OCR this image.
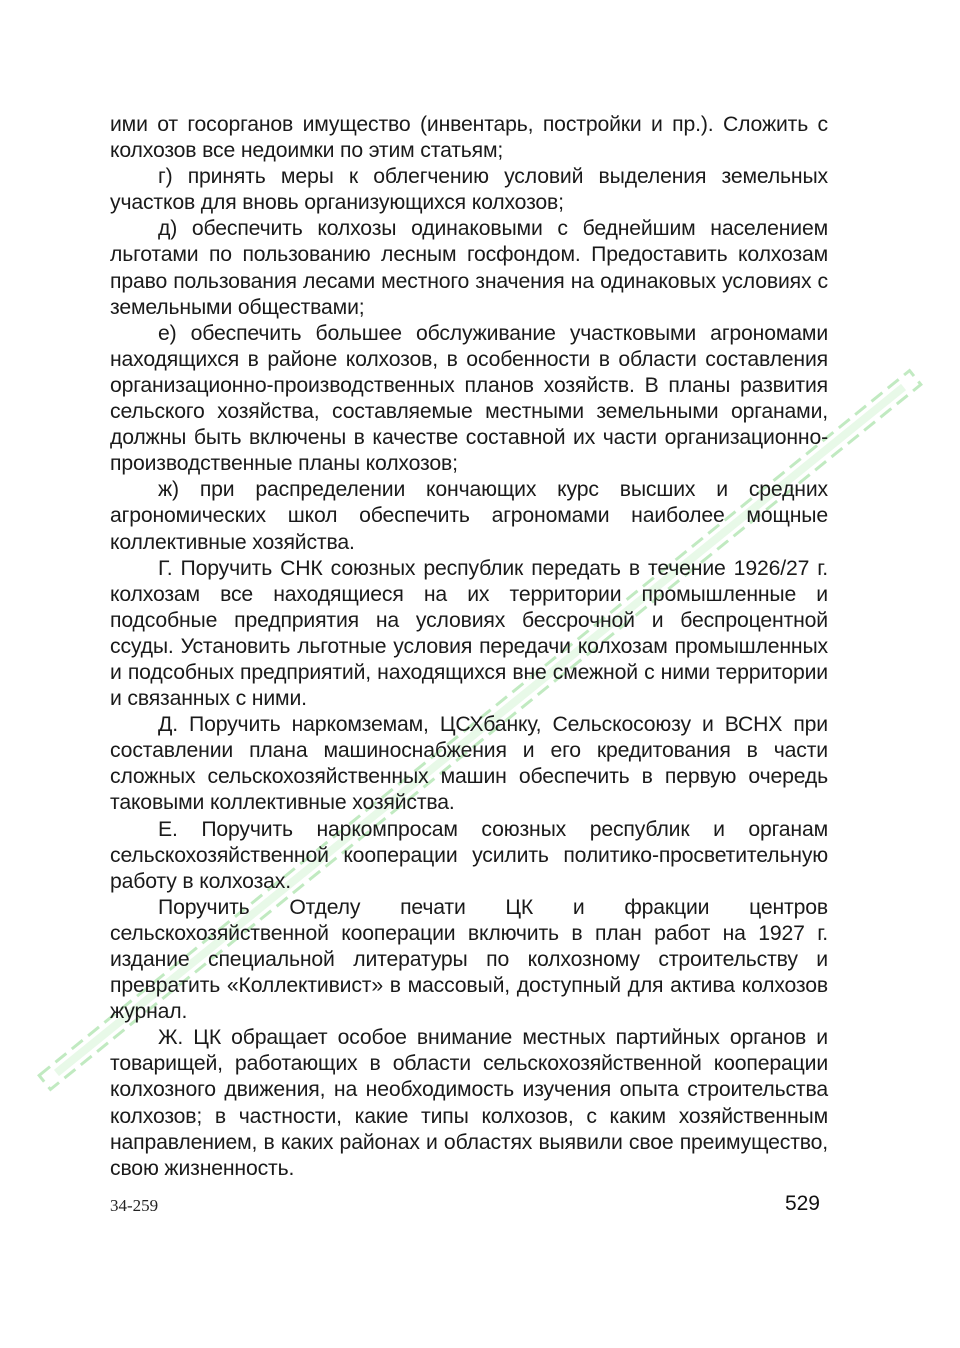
ими от госорганов имущество (инвентарь, постройки и пр.). Сложить с колхозов все недоимки по этим статьям;

г) принять меры к облегчению условий выделения земельных участков для вновь организующихся колхозов;

д) обеспечить колхозы одинаковыми с беднейшим населением льготами по пользованию лесным госфондом. Предоставить колхозам право пользования лесами местного значения на одинаковых условиях с земельными обществами;

е) обеспечить большее обслуживание участковыми агрономами находящихся в районе колхозов, в особенности в области составления организационно-производственных планов хозяйств. В планы развития сельского хозяйства, составляемые местными земельными органами, должны быть включены в качестве составной их части организационно-производственные планы колхозов;

ж) при распределении кончающих курс высших и средних агрономических школ обеспечить агрономами наиболее мощные коллективные хозяйства.

Г. Поручить СНК союзных республик передать в течение 1926/27 г. колхозам все находящиеся на их территории промышленные и подсобные предприятия на условиях бессрочной и беспроцентной ссуды. Установить льготные условия передачи колхозам промышленных и подсобных предприятий, находящихся вне смежной с ними территории и связанных с ними.

Д. Поручить наркомземам, ЦСХбанку, Сельскосоюзу и ВСНХ при составлении плана машиноснабжения и его кредитования в части сложных сельскохозяйственных машин обеспечить в первую очередь таковыми коллективные хозяйства.

Е. Поручить наркомпросам союзных республик и органам сельскохозяйственной кооперации усилить политико-просветительную работу в колхозах.

Поручить Отделу печати ЦК и фракции центров сельскохозяйственной кооперации включить в план работ на 1927 г. издание специальной литературы по колхозному строительству и превратить «Коллективист» в массовый, доступный для актива колхозов журнал.

Ж. ЦК обращает особое внимание местных партийных органов и товарищей, работающих в области сельскохозяйственной кооперации колхозного движения, на необходимость изучения опыта строительства колхозов; в частности, какие типы колхозов, с каким хозяйственным направлением, в каких районах и областях выявили свое преимущество, свою жизненность.

34-259	529
